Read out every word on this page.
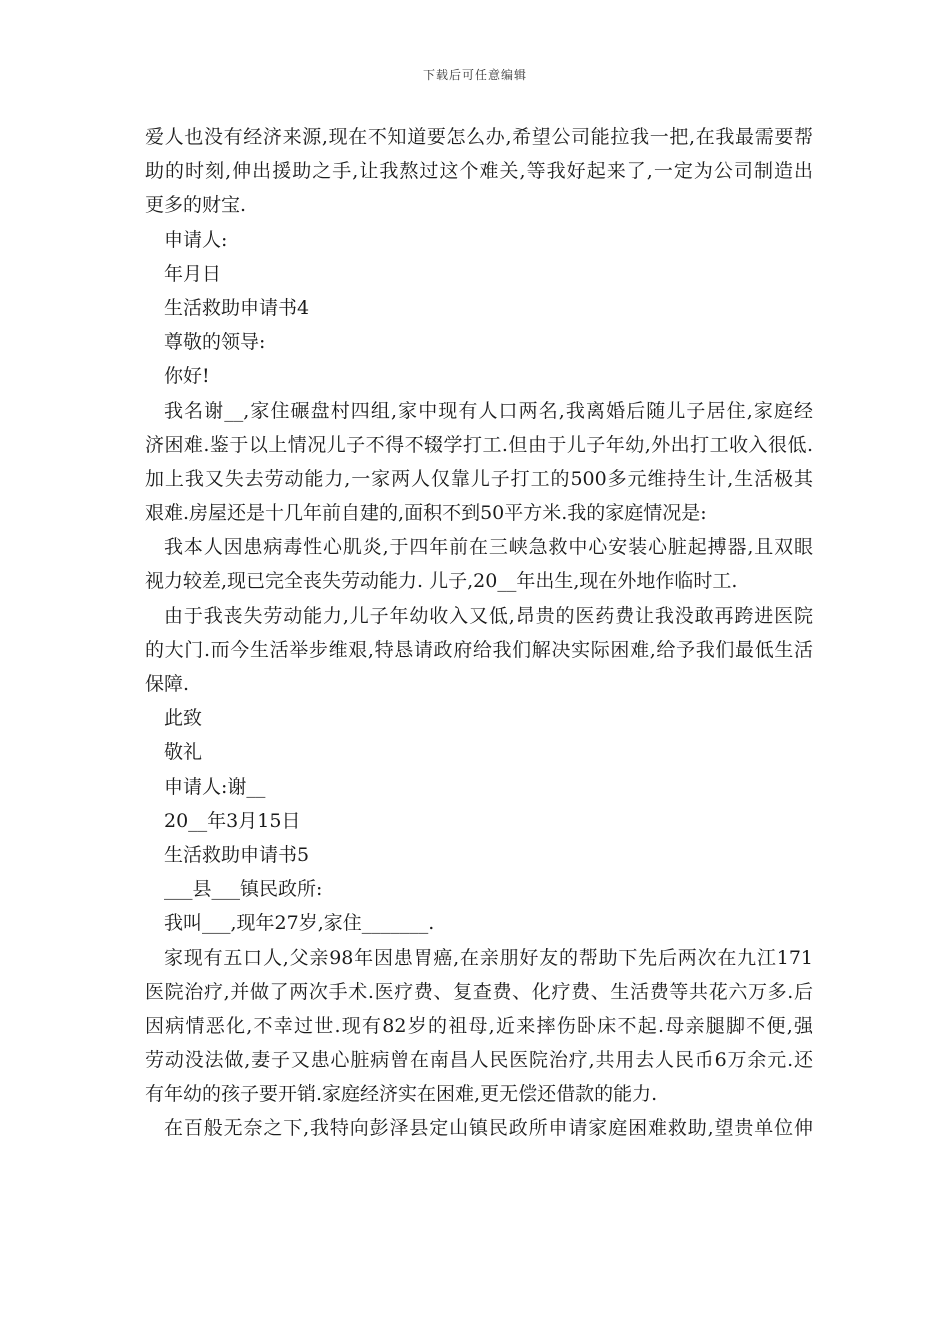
下载后可任意编辑
爱人也没有经济来源,现在不知道要怎么办,希望公司能拉我一把,在我最需要帮
助的时刻,伸出援助之手,让我熬过这个难关,等我好起来了,一定为公司制造出
更多的财宝.
申请人:
年月日
生活救助申请书4
尊敬的领导:
你好!
我名谢__,家住碾盘村四组,家中现有人口两名,我离婚后随儿子居住,家庭经
济困难.鉴于以上情况儿子不得不辍学打工.但由于儿子年幼,外出打工收入很低.
加上我又失去劳动能力,一家两人仅靠儿子打工的500多元维持生计,生活极其
艰难.房屋还是十几年前自建的,面积不到50平方米.我的家庭情况是:
我本人因患病毒性心肌炎,于四年前在三峡急救中心安装心脏起搏器,且双眼
视力较差,现已完全丧失劳动能力. 儿子,20__年出生,现在外地作临时工.
由于我丧失劳动能力,儿子年幼收入又低,昂贵的医药费让我没敢再跨进医院
的大门.而今生活举步维艰,特恳请政府给我们解决实际困难,给予我们最低生活
保障.
此致
敬礼
申请人:谢__
20__年3月15日
生活救助申请书5
___县___镇民政所:
我叫___,现年27岁,家住_______.
家现有五口人,父亲98年因患胃癌,在亲朋好友的帮助下先后两次在九江171
医院治疗,并做了两次手术.医疗费、复查费、化疗费、生活费等共花六万多.后
因病情恶化,不幸过世.现有82岁的祖母,近来摔伤卧床不起.母亲腿脚不便,强
劳动没法做,妻子又患心脏病曾在南昌人民医院治疗,共用去人民币6万余元.还
有年幼的孩子要开销.家庭经济实在困难,更无偿还借款的能力.
在百般无奈之下,我特向彭泽县定山镇民政所申请家庭困难救助,望贵单位伸
